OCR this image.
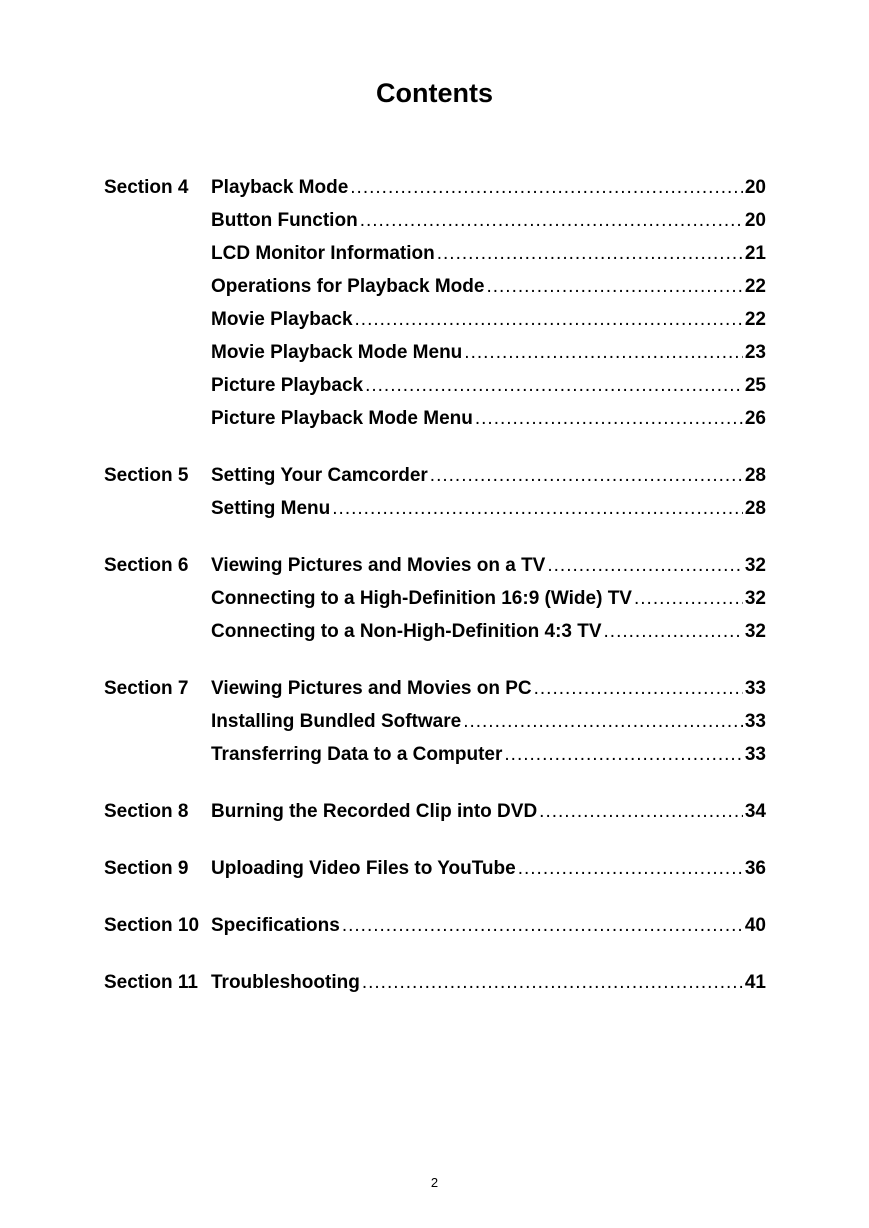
Contents
Section 4	Playback Mode .....	20
Button Function .....	20
LCD Monitor Information .....	21
Operations for Playback Mode .....	22
Movie Playback .....	22
Movie Playback Mode Menu .....	23
Picture Playback .....	25
Picture Playback Mode Menu .....	26
Section 5	Setting Your Camcorder .....	28
Setting Menu .....	28
Section 6	Viewing Pictures and Movies on a TV .....	32
Connecting to a High-Definition 16:9 (Wide) TV .....	32
Connecting to a Non-High-Definition 4:3 TV .....	32
Section 7	Viewing Pictures and Movies on PC .....	33
Installing Bundled Software .....	33
Transferring Data to a Computer .....	33
Section 8	Burning the Recorded Clip into DVD .....	34
Section 9	Uploading Video Files to YouTube .....	36
Section 10 Specifications .....	40
Section 11 Troubleshooting .....	41
2
